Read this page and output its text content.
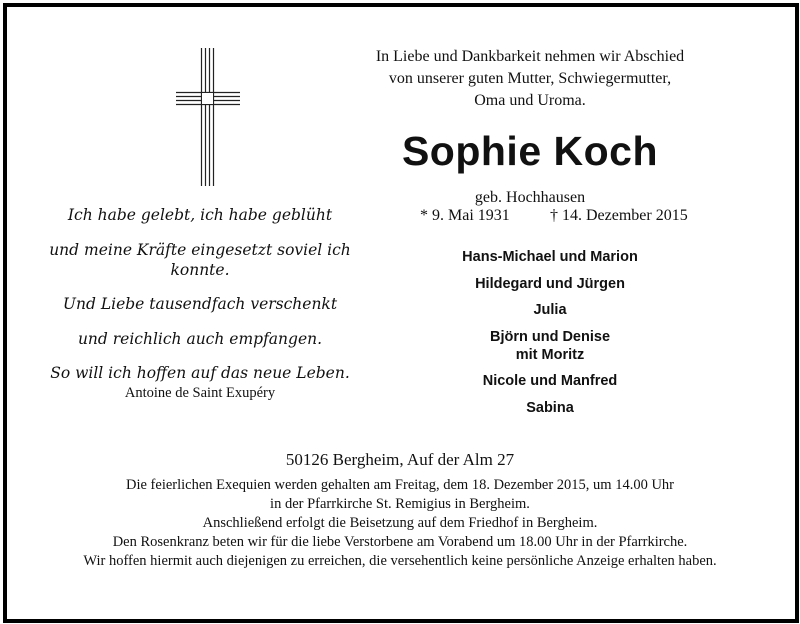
In Liebe und Dankbarkeit nehmen wir Abschied
von unserer guten Mutter, Schwiegermutter,
Oma und Uroma.
Sophie Koch
geb. Hochhausen
* 9. Mai 1931	† 14. Dezember 2015
Ich habe gelebt, ich habe geblüht
und meine Kräfte eingesetzt soviel ich konnte.
Und Liebe tausendfach verschenkt
und reichlich auch empfangen.
So will ich hoffen auf das neue Leben.
Antoine de Saint Exupéry
Hans-Michael und Marion
Hildegard und Jürgen
Julia
Björn und Denise
mit Moritz
Nicole und Manfred
Sabina
50126 Bergheim, Auf der Alm 27
Die feierlichen Exequien werden gehalten am Freitag, dem 18. Dezember 2015, um 14.00 Uhr
in der Pfarrkirche St. Remigius in Bergheim.
Anschließend erfolgt die Beisetzung auf dem Friedhof in Bergheim.
Den Rosenkranz beten wir für die liebe Verstorbene am Vorabend um 18.00 Uhr in der Pfarrkirche.
Wir hoffen hiermit auch diejenigen zu erreichen, die versehentlich keine persönliche Anzeige erhalten haben.
